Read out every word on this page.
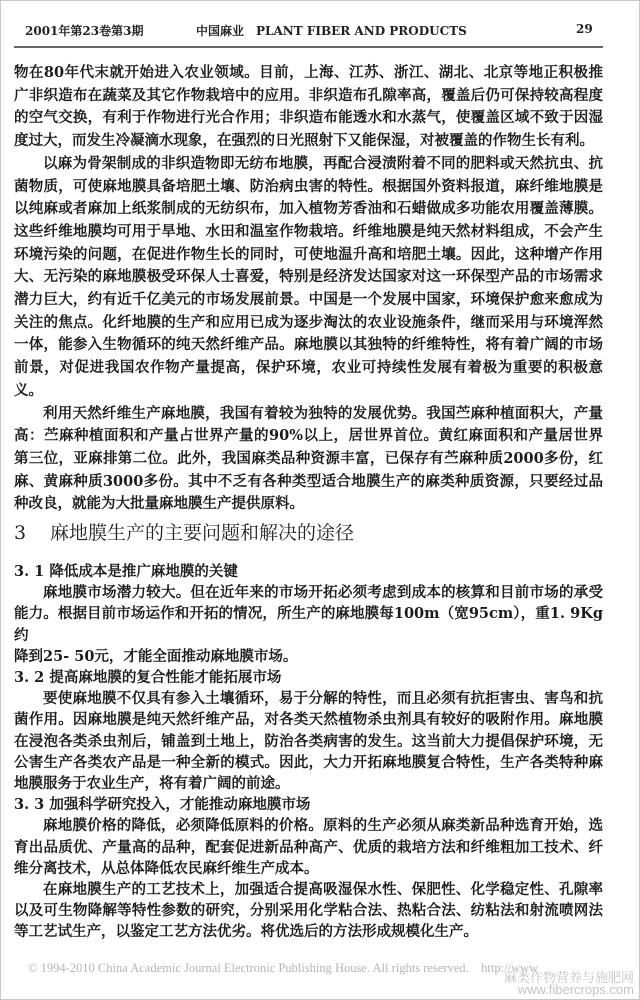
2001年第23卷第3期	中国麻业　PLANT FIBER AND PRODUCTS	29
物在80年代末就开始进入农业领域。目前，上海、江苏、浙江、湖北、北京等地正积极推
广非织造布在蔬菜及其它作物栽培中的应用。非织造布孔隙率高，覆盖后仍可保持较高程度
的空气交换，有利于作物进行光合作用；非织造布能透水和水蒸气，使覆盖区域不致于因湿
度过大，而发生冷凝滴水现象，在强烈的日光照射下又能保湿，对被覆盖的作物生长有利。
以麻为骨架制成的非织造物即无纺布地膜，再配合浸渍附着不同的肥料或天然抗虫、抗
菌物质，可使麻地膜具备培肥土壤、防治病虫害的特性。根据国外资料报道，麻纤维地膜是
以纯麻或者麻加上纸浆制成的无纺织布，加入植物芳香油和石蜡做成多功能农用覆盖薄膜。
这些纤维地膜均可用于旱地、水田和温室作物栽培。纤维地膜是纯天然材料组成，不会产生
环境污染的问题，在促进作物生长的同时，可使地温升高和培肥土壤。因此，这种增产作用
大、无污染的麻地膜极受环保人士喜爱，特别是经济发达国家对这一环保型产品的市场需求
潜力巨大，约有近千亿美元的市场发展前景。中国是一个发展中国家，环境保护愈来愈成为
关注的焦点。化纤地膜的生产和应用已成为逐步淘汰的农业设施条件，继而采用与环境浑然
一体，能参入生物循环的纯天然纤维产品。麻地膜以其独特的纤维特性，将有着广阔的市场
前景，对促进我国农作物产量提高，保护环境，农业可持续性发展有着极为重要的积极意
义。
利用天然纤维生产麻地膜，我国有着较为独特的发展优势。我国苎麻种植面积大，产量
高：苎麻种植面积和产量占世界产量的90%以上，居世界首位。黄红麻面积和产量居世界
第三位，亚麻排第二位。此外，我国麻类品种资源丰富，已保存有苎麻种质2000多份，红
麻、黄麻种质3000多份。其中不乏有各种类型适合地膜生产的麻类种质资源，只要经过品
种改良，就能为大批量麻地膜生产提供原料。
3 麻地膜生产的主要问题和解决的途径
3. 1 降低成本是推广麻地膜的关键
麻地膜市场潜力较大。但在近年来的市场开拓必须考虑到成本的核算和目前市场的承受
能力。根据目前市场运作和开拓的情况，所生产的麻地膜每100m（宽95cm），重1. 9Kg约
降到25- 50元，才能全面推动麻地膜市场。
3. 2 提高麻地膜的复合性能才能拓展市场
要使麻地膜不仅具有参入土壤循环，易于分解的特性，而且必须有抗拒害虫、害鸟和抗
菌作用。因麻地膜是纯天然纤维产品，对各类天然植物杀虫剂具有较好的吸附作用。麻地膜
在浸泡各类杀虫剂后，铺盖到土地上，防治各类病害的发生。这当前大力提倡保护环境，无
公害生产各类农产品是一种全新的模式。因此，大力开拓麻地膜复合特性，生产各类特种麻
地膜服务于农业生产，将有着广阔的前途。
3. 3 加强科学研究投入，才能推动麻地膜市场
麻地膜价格的降低，必须降低原料的价格。原料的生产必须从麻类新品种选育开始，选
育出品质优、产量高的品种，配套促进新品种高产、优质的栽培方法和纤维粗加工技术、纤
维分离技术，从总体降低农民麻纤维生产成本。
在麻地膜生产的工艺技术上，加强适合提高吸湿保水性、保肥性、化学稳定性、孔隙率
以及可生物降解等特性参数的研究，分别采用化学粘合法、热粘合法、纺粘法和射流喷网法
等工艺试生产，以鉴定工艺方法优劣。将优选后的方法形成规模化生产。
© 1994-2010 China Academic Journal Electronic Publishing House. All rights reserved.　http://www
麻类作物营养与施肥网
www.fibercrops.com
